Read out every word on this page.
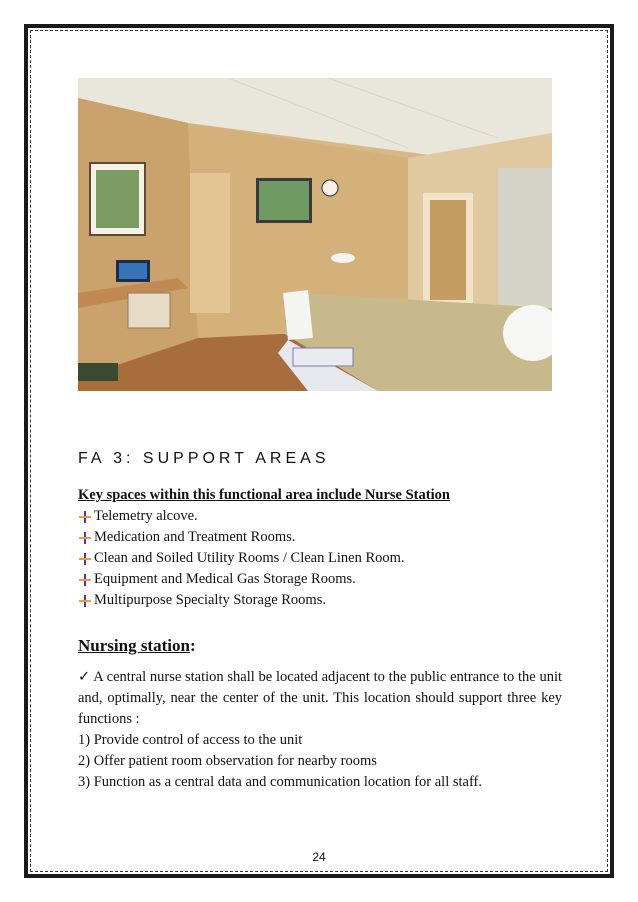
FA 3: SUPPORT AREAS
Key spaces within this functional area include Nurse Station
Telemetry alcove.
Medication and Treatment Rooms.
Clean and Soiled Utility Rooms / Clean Linen Room.
Equipment and Medical Gas Storage Rooms.
Multipurpose Specialty Storage Rooms.
Nursing station:
✓ A central nurse station shall be located adjacent to the public entrance to the unit and, optimally, near the center of the unit. This location should support three key functions :
1) Provide control of access to the unit
2) Offer patient room observation for nearby rooms
3) Function as a central data and communication location for all staff.
24
